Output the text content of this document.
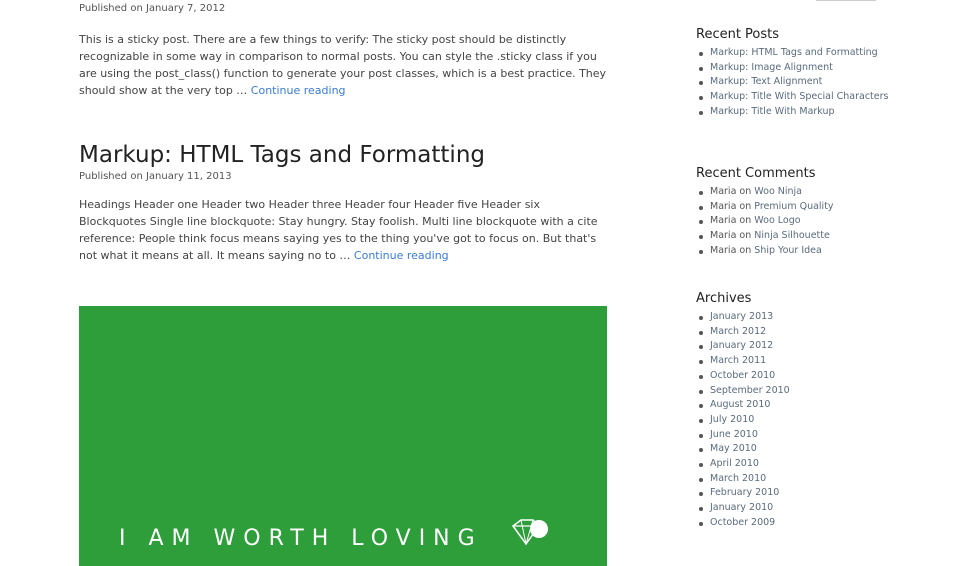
Published on January 7, 2012

This is a sticky post. There are a few things to verify: The sticky post should be distinctly recognizable in some way in comparison to normal posts. You can style the .sticky class if you are using the post_class() function to generate your post classes, which is a best practice. They should show at the very top … Continue reading

Markup: HTML Tags and Formatting

Published on January 11, 2013

Headings Header one Header two Header three Header four Header five Header six Blockquotes Single line blockquote: Stay hungry. Stay foolish. Multi line blockquote with a cite reference: People think focus means saying yes to the thing you've got to focus on. But that's not what it means at all. It means saying no to … Continue reading

I AM WORTH LOVING
Recent Posts
Markup: HTML Tags and Formatting
Markup: Image Alignment
Markup: Text Alignment
Markup: Title With Special Characters
Markup: Title With Markup
Recent Comments
Maria on Woo Ninja
Maria on Premium Quality
Maria on Woo Logo
Maria on Ninja Silhouette
Maria on Ship Your Idea
Archives
January 2013
March 2012
January 2012
March 2011
October 2010
September 2010
August 2010
July 2010
June 2010
May 2010
April 2010
March 2010
February 2010
January 2010
October 2009
